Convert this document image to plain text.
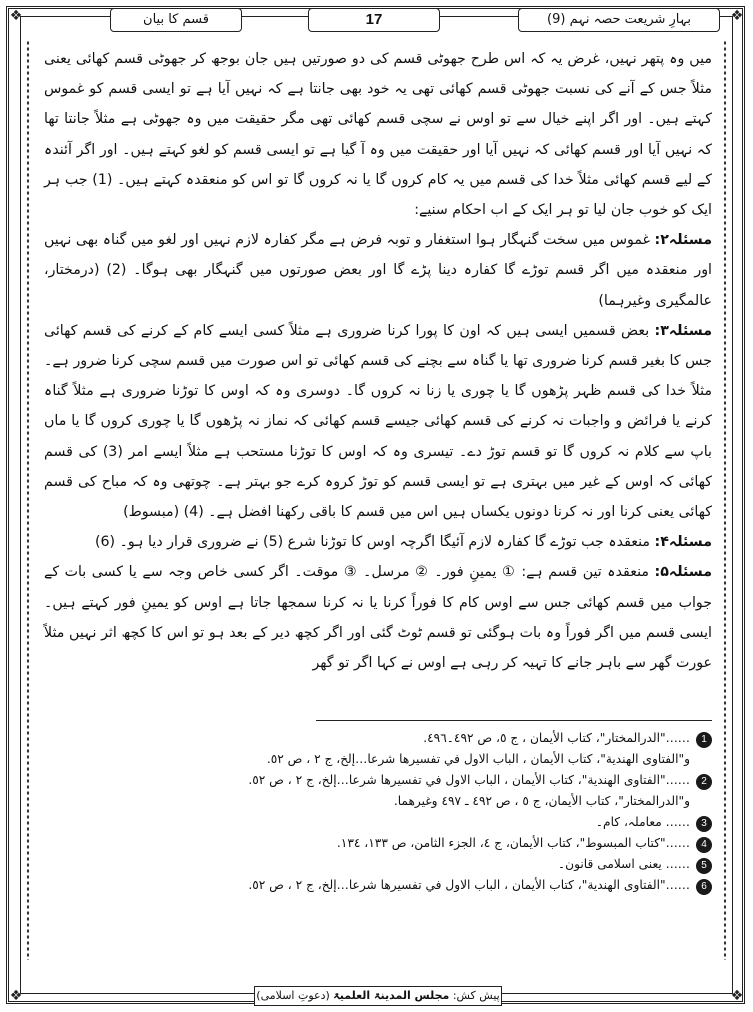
❖	❖
❖	❖
بہارِ شریعت حصہ نہم (9)
17
قسم کا بیان

میں وہ پتھر نہیں، غرض یہ کہ اس طرح جھوٹی قسم کی دو صورتیں ہیں جان بوجھ کر جھوٹی قسم کھائی یعنی مثلاً جس کے آنے کی نسبت جھوٹی قسم کھائی تھی یہ خود بھی جانتا ہے کہ نہیں آیا ہے تو ایسی قسم کو غموس کہتے ہیں۔ اور اگر اپنے خیال سے تو اوس نے سچی قسم کھائی تھی مگر حقیقت میں وہ جھوٹی ہے مثلاً جانتا تھا کہ نہیں آیا اور قسم کھائی کہ نہیں آیا اور حقیقت میں وہ آ گیا ہے تو ایسی قسم کو لغو کہتے ہیں۔ اور اگر آئندہ کے لیے قسم کھائی مثلاً خدا کی قسم میں یہ کام کروں گا یا نہ کروں گا تو اس کو منعقدہ کہتے ہیں۔ (1) جب ہر ایک کو خوب جان لیا تو ہر ایک کے اب احکام سنیے:

مسئلہ۲: غموس میں سخت گنہگار ہوا استغفار و توبہ فرض ہے مگر کفارہ لازم نہیں اور لغو میں گناہ بھی نہیں اور منعقدہ میں اگر قسم توڑے گا کفارہ دینا پڑے گا اور بعض صورتوں میں گنہگار بھی ہوگا۔ (2) (درمختار، عالمگیری وغیرہما)

مسئلہ۳: بعض قسمیں ایسی ہیں کہ اون کا پورا کرنا ضروری ہے مثلاً کسی ایسے کام کے کرنے کی قسم کھائی جس کا بغیر قسم کرنا ضروری تھا یا گناہ سے بچنے کی قسم کھائی تو اس صورت میں قسم سچی کرنا ضرور ہے۔ مثلاً خدا کی قسم ظہر پڑھوں گا یا چوری یا زنا نہ کروں گا۔ دوسری وہ کہ اوس کا توڑنا ضروری ہے مثلاً گناہ کرنے یا فرائض و واجبات نہ کرنے کی قسم کھائی جیسے قسم کھائی کہ نماز نہ پڑھوں گا یا چوری کروں گا یا ماں باپ سے کلام نہ کروں گا تو قسم توڑ دے۔ تیسری وہ کہ اوس کا توڑنا مستحب ہے مثلاً ایسے امر (3) کی قسم کھائی کہ اوس کے غیر میں بہتری ہے تو ایسی قسم کو توڑ کروہ کرے جو بہتر ہے۔ چوتھی وہ کہ مباح کی قسم کھائی یعنی کرنا اور نہ کرنا دونوں یکساں ہیں اس میں قسم کا باقی رکھنا افضل ہے۔ (4) (مبسوط)

مسئلہ۴: منعقدہ جب توڑے گا کفارہ لازم آئیگا اگرچہ اوس کا توڑنا شرع (5) نے ضروری قرار دیا ہو۔ (6)

مسئلہ۵: منعقدہ تین قسم ہے: ① یمینِ فور۔ ② مرسل۔ ③ موقت۔ اگر کسی خاص وجہ سے یا کسی بات کے جواب میں قسم کھائی جس سے اوس کام کا فوراً کرنا یا نہ کرنا سمجھا جاتا ہے اوس کو یمینِ فور کہتے ہیں۔ ایسی قسم میں اگر فوراً وہ بات ہوگئی تو قسم ٹوٹ گئی اور اگر کچھ دیر کے بعد ہو تو اس کا کچھ اثر نہیں مثلاً عورت گھر سے باہر جانے کا تہیہ کر رہی ہے اوس نے کہا اگر تو گھر

1……"الدرالمختار"، كتاب الأيمان ، ج ٥، ص ٤٩٢۔٤٩٦.
و"الفتاوى الهندية"، كتاب الأيمان ، الباب الاول في تفسيرها شرعا…إلخ، ج ٢ ، ص ٥٢.
2……"الفتاوى الهندية"، كتاب الأيمان ، الباب الاول في تفسيرها شرعا…إلخ، ج ٢ ، ص ٥٢.
و"الدرالمختار"، كتاب الأيمان، ج ٥ ، ص ٤٩٢ ـ ٤٩٧ وغيرهما.
3…… معاملہ، کام۔
4……"كتاب المبسوط"، كتاب الأيمان، ج ٤، الجزء الثامن، ص ١٣٣، ١٣٤.
5…… یعنی اسلامی قانون۔
6……"الفتاوى الهندية"، كتاب الأيمان ، الباب الاول في تفسيرها شرعا…إلخ، ج ٢ ، ص ٥٢.
پیش کش: مجلس المدینۃ العلمیۃ (دعوتِ اسلامی)
